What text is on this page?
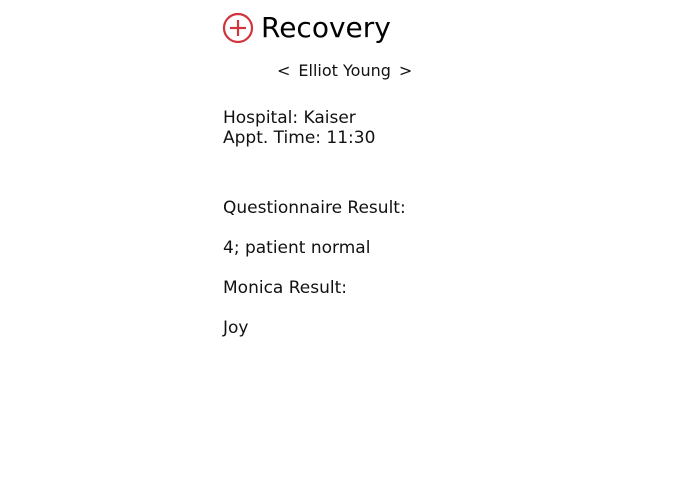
Recovery
< Elliot Young >
Hospital: Kaiser
Appt. Time: 11:30
Questionnaire Result:
4; patient normal
Monica Result:
Joy
